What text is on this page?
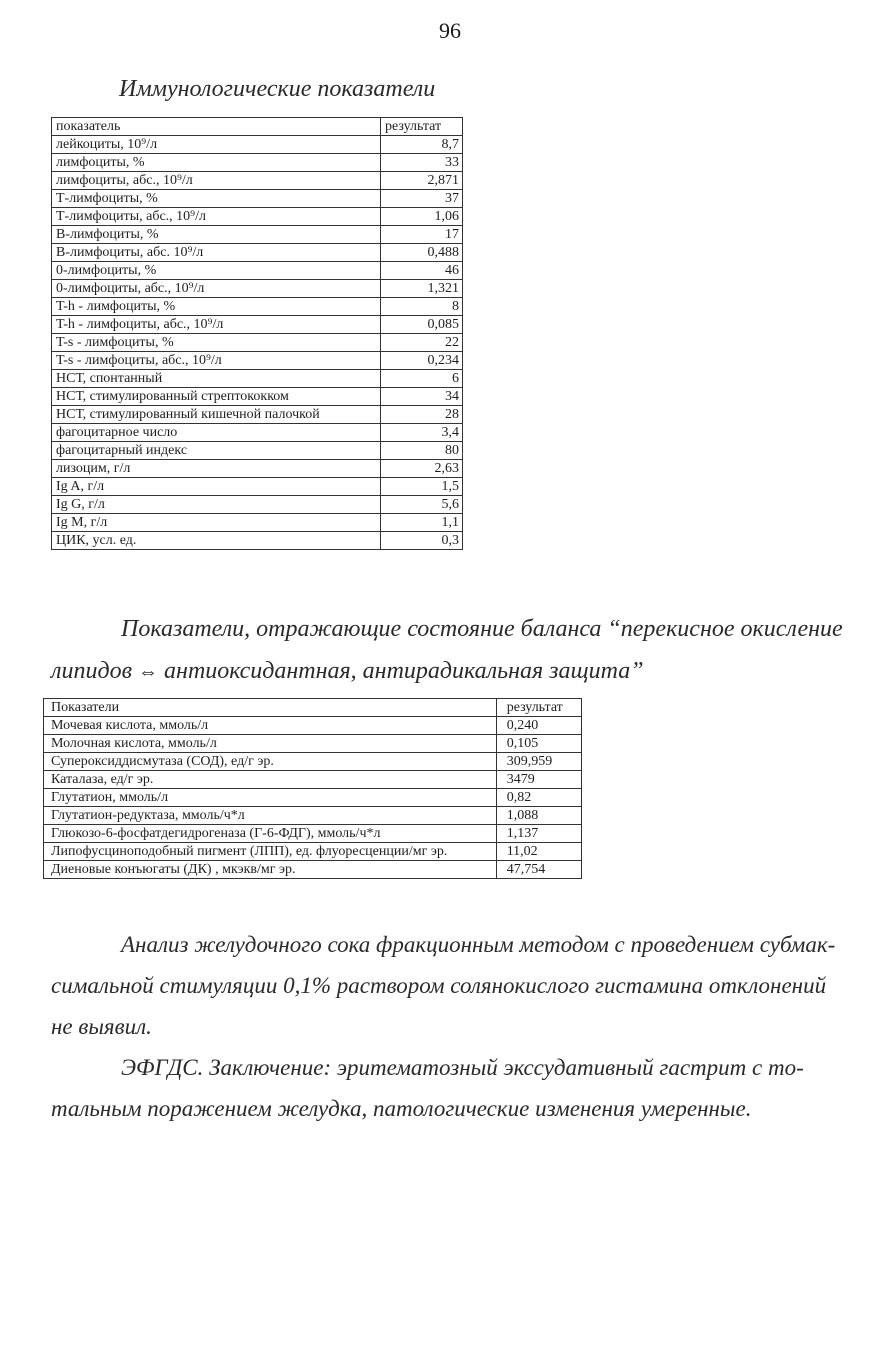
96
Иммунологические показатели
показатель	результат
лейкоциты, 10⁹/л	8,7
лимфоциты, %	33
лимфоциты, абс., 10⁹/л	2,871
Т-лимфоциты, %	37
Т-лимфоциты, абс., 10⁹/л	1,06
В-лимфоциты, %	17
В-лимфоциты, абс. 10⁹/л	0,488
0-лимфоциты, %	46
0-лимфоциты, абс., 10⁹/л	1,321
T-h - лимфоциты, %	8
T-h - лимфоциты, абс., 10⁹/л	0,085
T-s - лимфоциты, %	22
T-s - лимфоциты, абс., 10⁹/л	0,234
НСТ, спонтанный	6
НСТ, стимулированный стрептококком	34
НСТ, стимулированный кишечной палочкой	28
фагоцитарное число	3,4
фагоцитарный индекс	80
лизоцим, г/л	2,63
Ig A, г/л	1,5
Ig G, г/л	5,6
Ig M, г/л	1,1
ЦИК, усл. ед.	0,3
Показатели, отражающие состояние баланса “перекисное окисление
липидов ⇔ антиоксидантная, антирадикальная защита”
Показатели	результат
Мочевая кислота, ммоль/л	0,240
Молочная кислота, ммоль/л	0,105
Супероксиддисмутаза (СОД), ед/г эр.	309,959
Каталаза, ед/г эр.	3479
Глутатион, ммоль/л	0,82
Глутатион-редуктаза, ммоль/ч*л	1,088
Глюкозо-6-фосфатдегидрогеназа (Г-6-ФДГ), ммоль/ч*л	1,137
Липофусциноподобный пигмент (ЛПП), ед. флуоресценции/мг эр.	11,02
Диеновые конъюгаты (ДК) , мкэкв/мг эр.	47,754
Анализ желудочного сока фракционным методом с проведением субмак-
симальной стимуляции 0,1% раствором солянокислого гистамина отклонений
не выявил.
ЭФГДС. Заключение: эритематозный экссудативный гастрит с то-
тальным поражением желудка, патологические изменения умеренные.
